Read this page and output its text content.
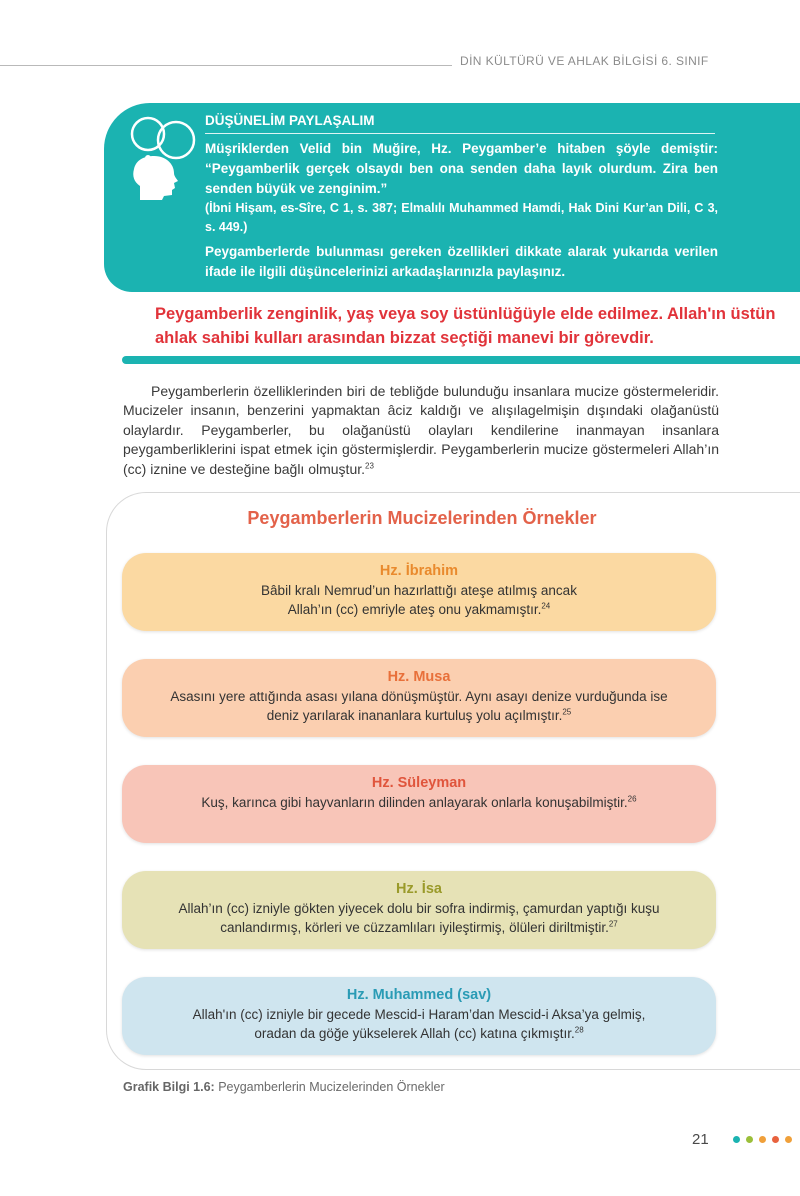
DİN KÜLTÜRÜ VE AHLAK BİLGİSİ 6. SINIF
DÜŞÜNELİM PAYLAŞALIM

Müşriklerden Velid bin Muğire, Hz. Peygamber’e hitaben şöyle demiştir: “Peygamberlik gerçek olsaydı ben ona senden daha layık olurdum. Zira ben senden büyük ve zenginim.”

(İbni Hişam, es-Sîre, C 1, s. 387; Elmalılı Muhammed Hamdi, Hak Dini Kur’an Dili, C 3, s. 449.)

Peygamberlerde bulunması gereken özellikleri dikkate alarak yukarıda verilen ifade ile ilgili düşüncelerinizi arkadaşlarınızla paylaşınız.

Peygamberlik zenginlik, yaş veya soy üstünlüğüyle elde edilmez. Allah'ın üstün ahlak sahibi kulları arasından bizzat seçtiği manevi bir görevdir.

Peygamberlerin özelliklerinden biri de tebliğde bulunduğu insanlara mucize göstermeleridir. Mucizeler insanın, benzerini yapmaktan âciz kaldığı ve alışılagelmişin dışındaki olağanüstü olaylardır. Peygamberler, bu olağanüstü olayları kendilerine inanmayan insanlara peygamberliklerini ispat etmek için göstermişlerdir. Peygamberlerin mucize göstermeleri Allah’ın (cc) iznine ve desteğine bağlı olmuştur.$^{23}$

Peygamberlerin Mucizelerinden Örnekler
Hz. İbrahim
Bâbil kralı Nemrud’un hazırlattığı ateşe atılmış ancak
Allah’ın (cc) emriyle ateş onu yakmamıştır.$^{24}$
Hz. Musa
Asasını yere attığında asası yılana dönüşmüştür. Aynı asayı denize vurduğunda ise
deniz yarılarak inananlara kurtuluş yolu açılmıştır.$^{25}$
Hz. Süleyman
Kuş, karınca gibi hayvanların dilinden anlayarak onlarla konuşabilmiştir.$^{26}$
Hz. İsa
Allah’ın (cc) izniyle gökten yiyecek dolu bir sofra indirmiş, çamurdan yaptığı kuşu
canlandırmış, körleri ve cüzzamlıları iyileştirmiş, ölüleri diriltmiştir.$^{27}$
Hz. Muhammed (sav)
Allah'ın (cc) izniyle bir gecede Mescid-i Haram’dan Mescid-i Aksa’ya gelmiş,
oradan da göğe yükselerek Allah (cc) katına çıkmıştır.$^{28}$
Grafik Bilgi 1.6: Peygamberlerin Mucizelerinden Örnekler
21
